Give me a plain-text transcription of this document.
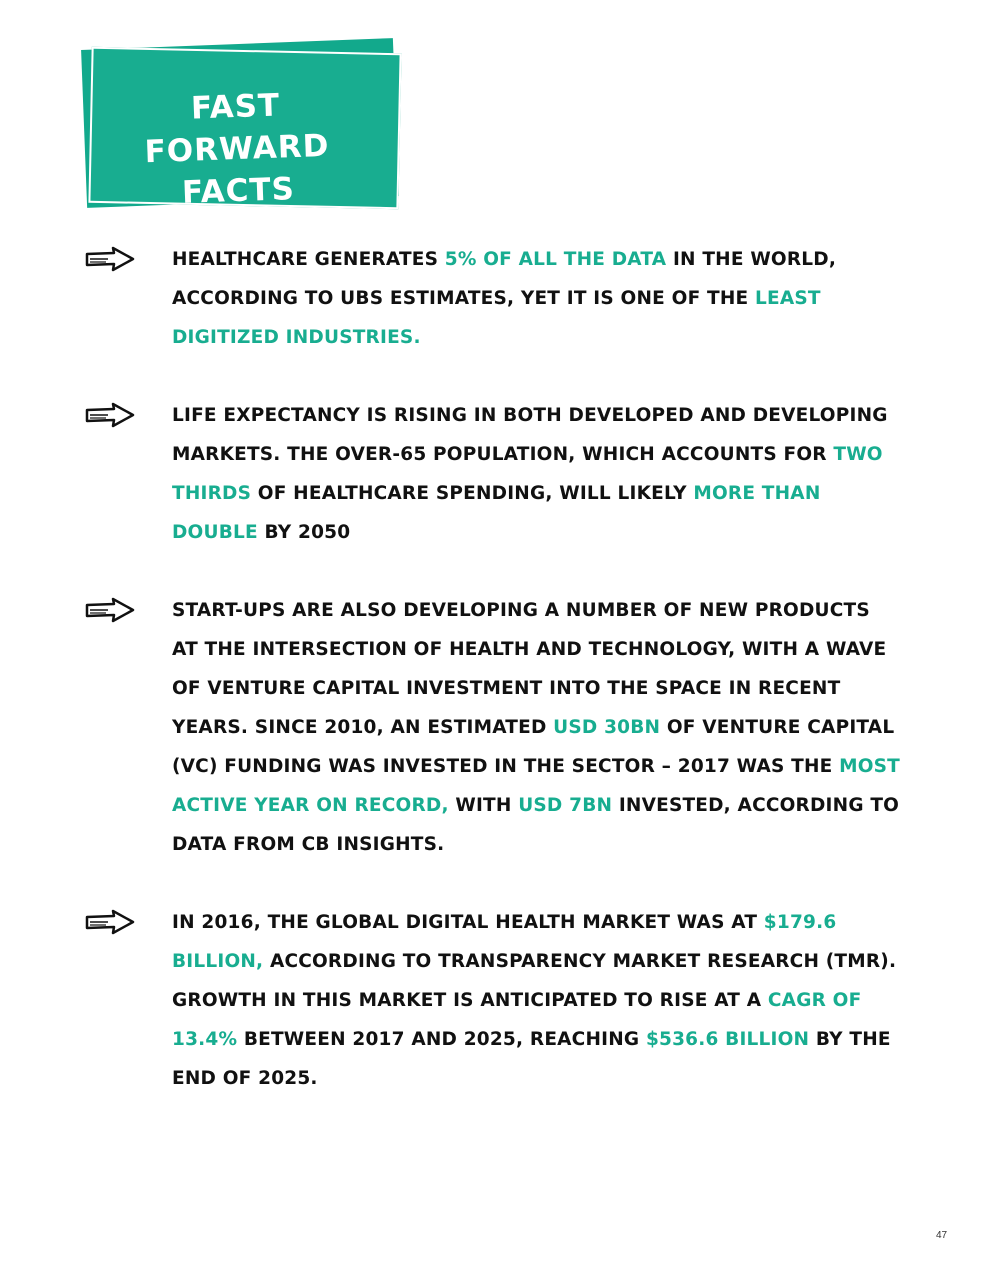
FAST FORWARD
FACTS
HEALTHCARE GENERATES 5% OF ALL THE DATA IN THE WORLD, ACCORDING TO UBS ESTIMATES, YET IT IS ONE OF THE LEAST DIGITIZED INDUSTRIES.
LIFE EXPECTANCY IS RISING IN BOTH DEVELOPED AND DEVELOPING MARKETS. THE OVER-65 POPULATION, WHICH ACCOUNTS FOR TWO THIRDS OF HEALTHCARE SPENDING, WILL LIKELY MORE THAN DOUBLE BY 2050
START-UPS ARE ALSO DEVELOPING A NUMBER OF NEW PRODUCTS AT THE INTERSECTION OF HEALTH AND TECHNOLOGY, WITH A WAVE OF VENTURE CAPITAL INVESTMENT INTO THE SPACE IN RECENT YEARS. SINCE 2010, AN ESTIMATED USD 30BN OF VENTURE CAPITAL (VC) FUNDING WAS INVESTED IN THE SECTOR – 2017 WAS THE MOST ACTIVE YEAR ON RECORD, WITH USD 7BN INVESTED, ACCORDING TO DATA FROM CB INSIGHTS.
IN 2016, THE GLOBAL DIGITAL HEALTH MARKET WAS AT $179.6 BILLION, ACCORDING TO TRANSPARENCY MARKET RESEARCH (TMR). GROWTH IN THIS MARKET IS ANTICIPATED TO RISE AT A CAGR OF 13.4% BETWEEN 2017 AND 2025, REACHING $536.6 BILLION BY THE END OF 2025.
47
